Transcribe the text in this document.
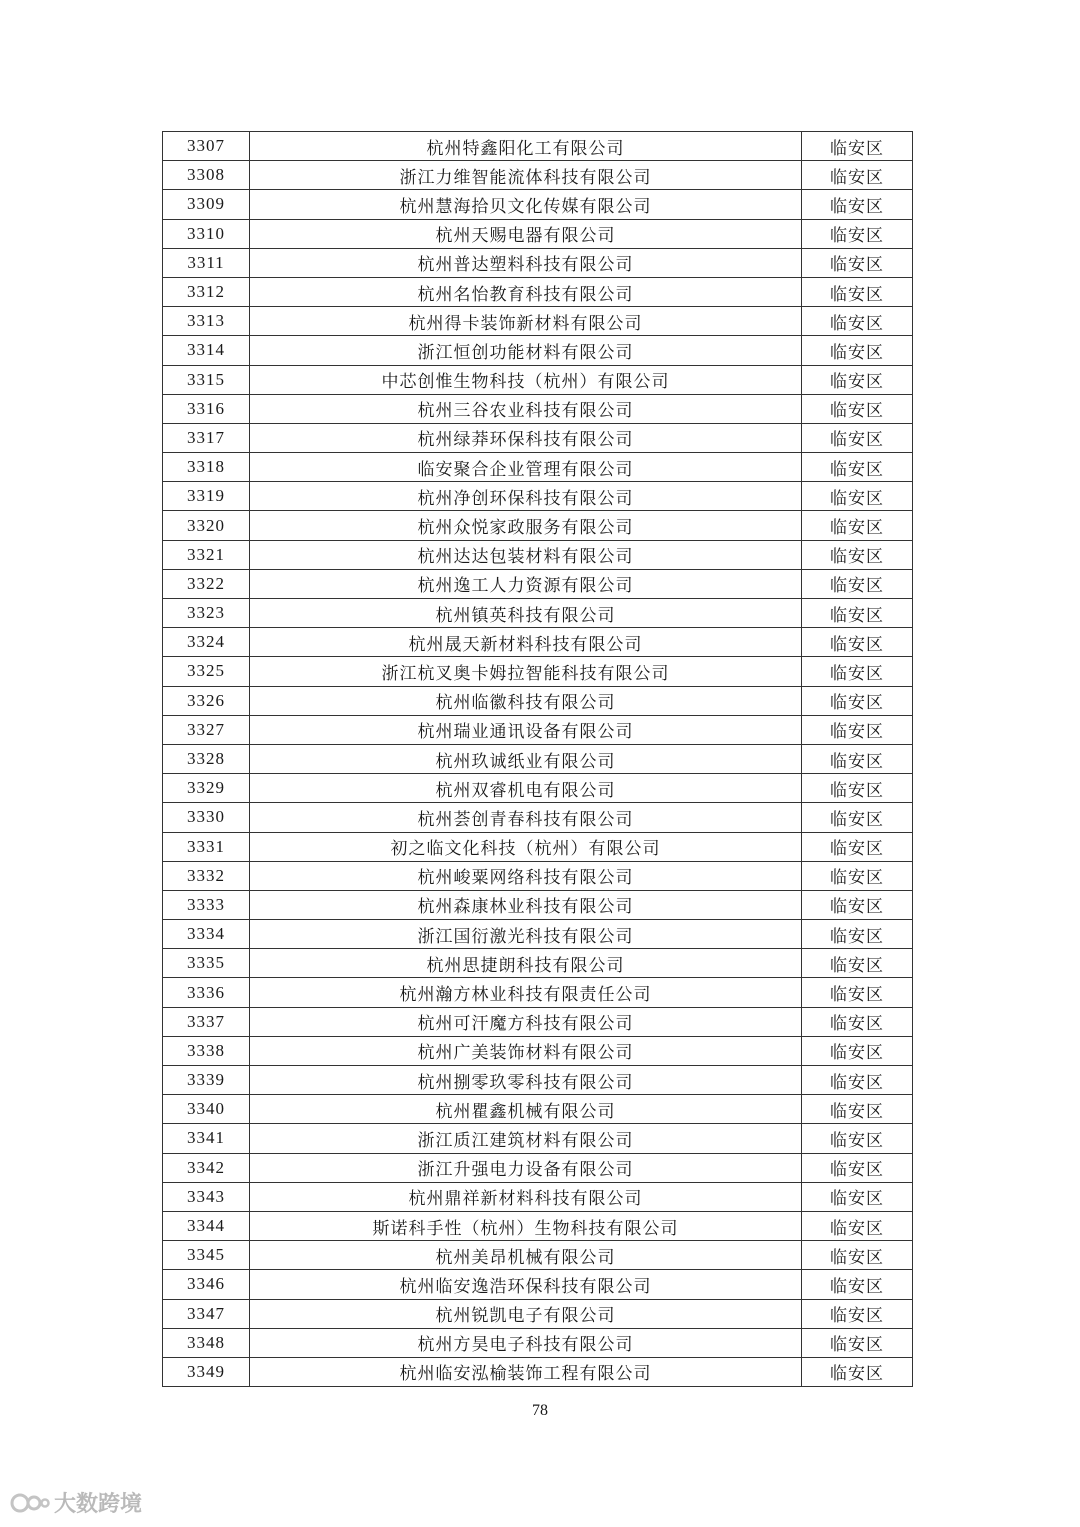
3307	杭州特鑫阳化工有限公司	临安区
3308	浙江力维智能流体科技有限公司	临安区
3309	杭州慧海拾贝文化传媒有限公司	临安区
3310	杭州天赐电器有限公司	临安区
3311	杭州普达塑料科技有限公司	临安区
3312	杭州名怡教育科技有限公司	临安区
3313	杭州得卡装饰新材料有限公司	临安区
3314	浙江恒创功能材料有限公司	临安区
3315	中芯创惟生物科技（杭州）有限公司	临安区
3316	杭州三谷农业科技有限公司	临安区
3317	杭州绿莽环保科技有限公司	临安区
3318	临安聚合企业管理有限公司	临安区
3319	杭州净创环保科技有限公司	临安区
3320	杭州众悦家政服务有限公司	临安区
3321	杭州达达包装材料有限公司	临安区
3322	杭州逸工人力资源有限公司	临安区
3323	杭州镇英科技有限公司	临安区
3324	杭州晟天新材料科技有限公司	临安区
3325	浙江杭叉奥卡姆拉智能科技有限公司	临安区
3326	杭州临徽科技有限公司	临安区
3327	杭州瑞业通讯设备有限公司	临安区
3328	杭州玖诚纸业有限公司	临安区
3329	杭州双睿机电有限公司	临安区
3330	杭州荟创青春科技有限公司	临安区
3331	初之临文化科技（杭州）有限公司	临安区
3332	杭州峻粟网络科技有限公司	临安区
3333	杭州森康林业科技有限公司	临安区
3334	浙江国衍激光科技有限公司	临安区
3335	杭州思捷朗科技有限公司	临安区
3336	杭州瀚方林业科技有限责任公司	临安区
3337	杭州可汗魔方科技有限公司	临安区
3338	杭州广美装饰材料有限公司	临安区
3339	杭州捌零玖零科技有限公司	临安区
3340	杭州瞿鑫机械有限公司	临安区
3341	浙江质江建筑材料有限公司	临安区
3342	浙江升强电力设备有限公司	临安区
3343	杭州鼎祥新材料科技有限公司	临安区
3344	斯诺科手性（杭州）生物科技有限公司	临安区
3345	杭州美昂机械有限公司	临安区
3346	杭州临安逸浩环保科技有限公司	临安区
3347	杭州锐凯电子有限公司	临安区
3348	杭州方昊电子科技有限公司	临安区
3349	杭州临安泓榆装饰工程有限公司	临安区
78
大数跨境
